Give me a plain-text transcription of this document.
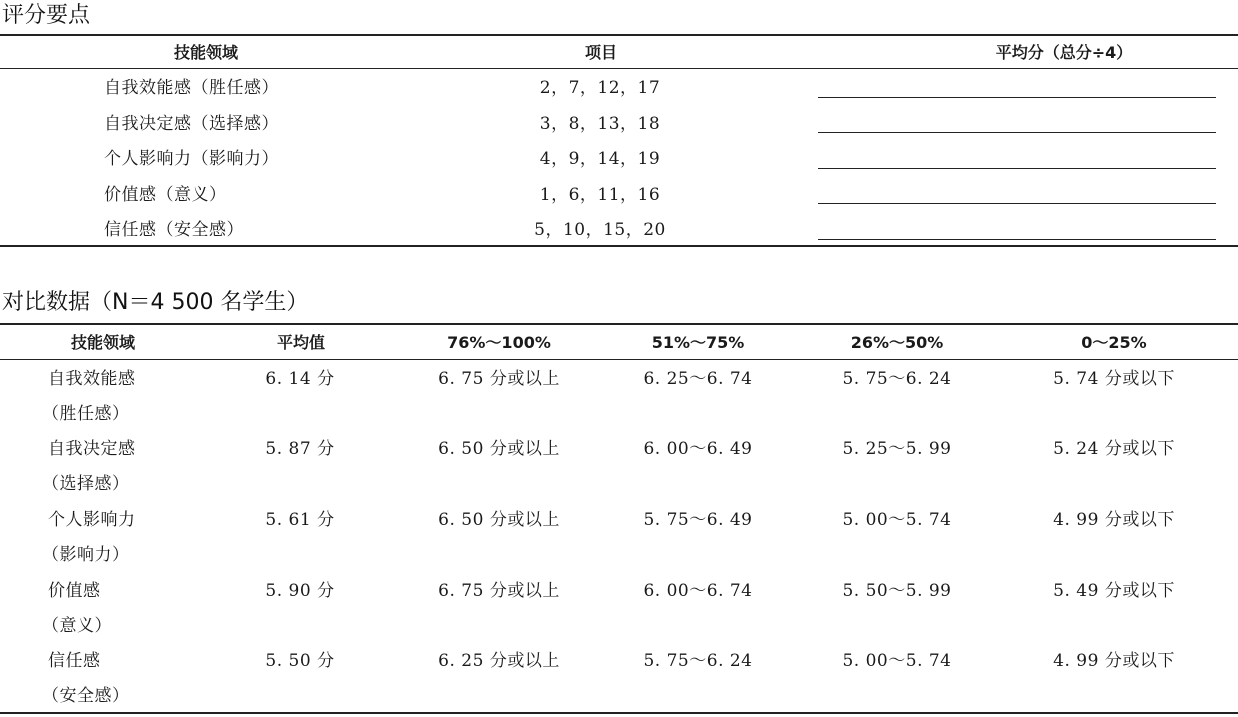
评分要点
技能领域	项目	平均分（总分÷4）
自我效能感（胜任感）	2，7，12，17
自我决定感（选择感）	3，8，13，18
个人影响力（影响力）	4，9，14，19
价值感（意义）	1，6，11，16
信任感（安全感）	5，10，15，20
对比数据（N＝4 500 名学生）
技能领域	平均值	76%～100%	51%～75%	26%～50%	0～25%
自我效能感
（胜任感）
6. 14 分	6. 75 分或以上	6. 25～6. 74	5. 75～6. 24	5. 74 分或以下
自我决定感
（选择感）
5. 87 分	6. 50 分或以上	6. 00～6. 49	5. 25～5. 99	5. 24 分或以下
个人影响力
（影响力）
5. 61 分	6. 50 分或以上	5. 75～6. 49	5. 00～5. 74	4. 99 分或以下
价值感
（意义）
5. 90 分	6. 75 分或以上	6. 00～6. 74	5. 50～5. 99	5. 49 分或以下
信任感
（安全感）
5. 50 分	6. 25 分或以上	5. 75～6. 24	5. 00～5. 74	4. 99 分或以下
